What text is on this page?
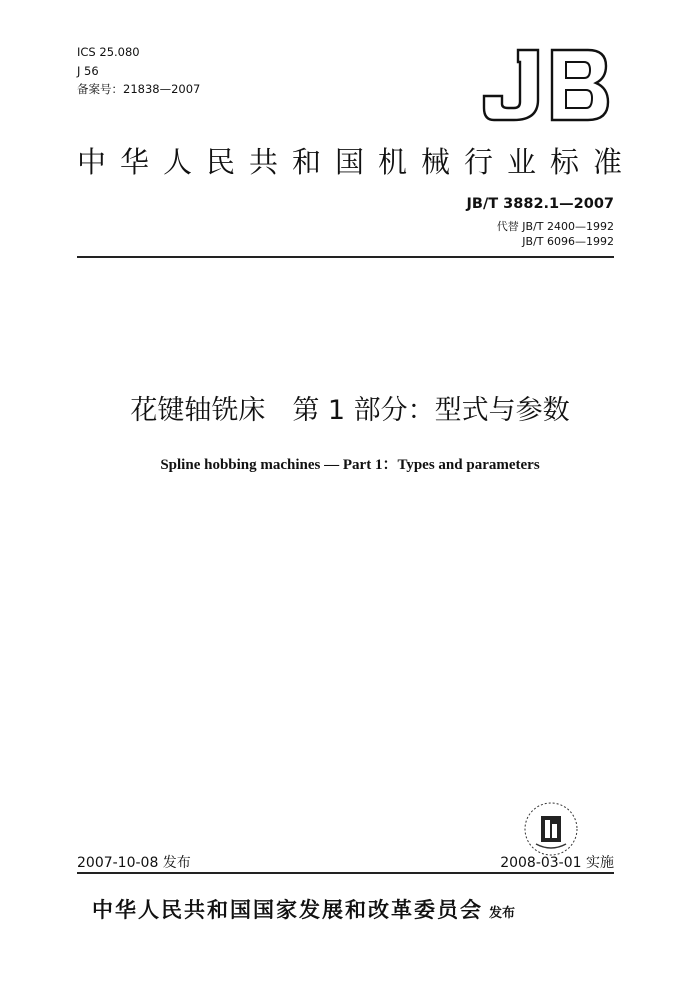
ICS 25.080
J 56
备案号：21838—2007
中华人民共和国机械行业标准
JB/T 3882.1—2007
代替 JB/T 2400—1992
JB/T 6096—1992
花键轴铣床　第 1 部分：型式与参数
Spline hobbing machines — Part 1：Types and parameters
2007-10-08 发布	2008-03-01 实施
中华人民共和国国家发展和改革委员会 发布
